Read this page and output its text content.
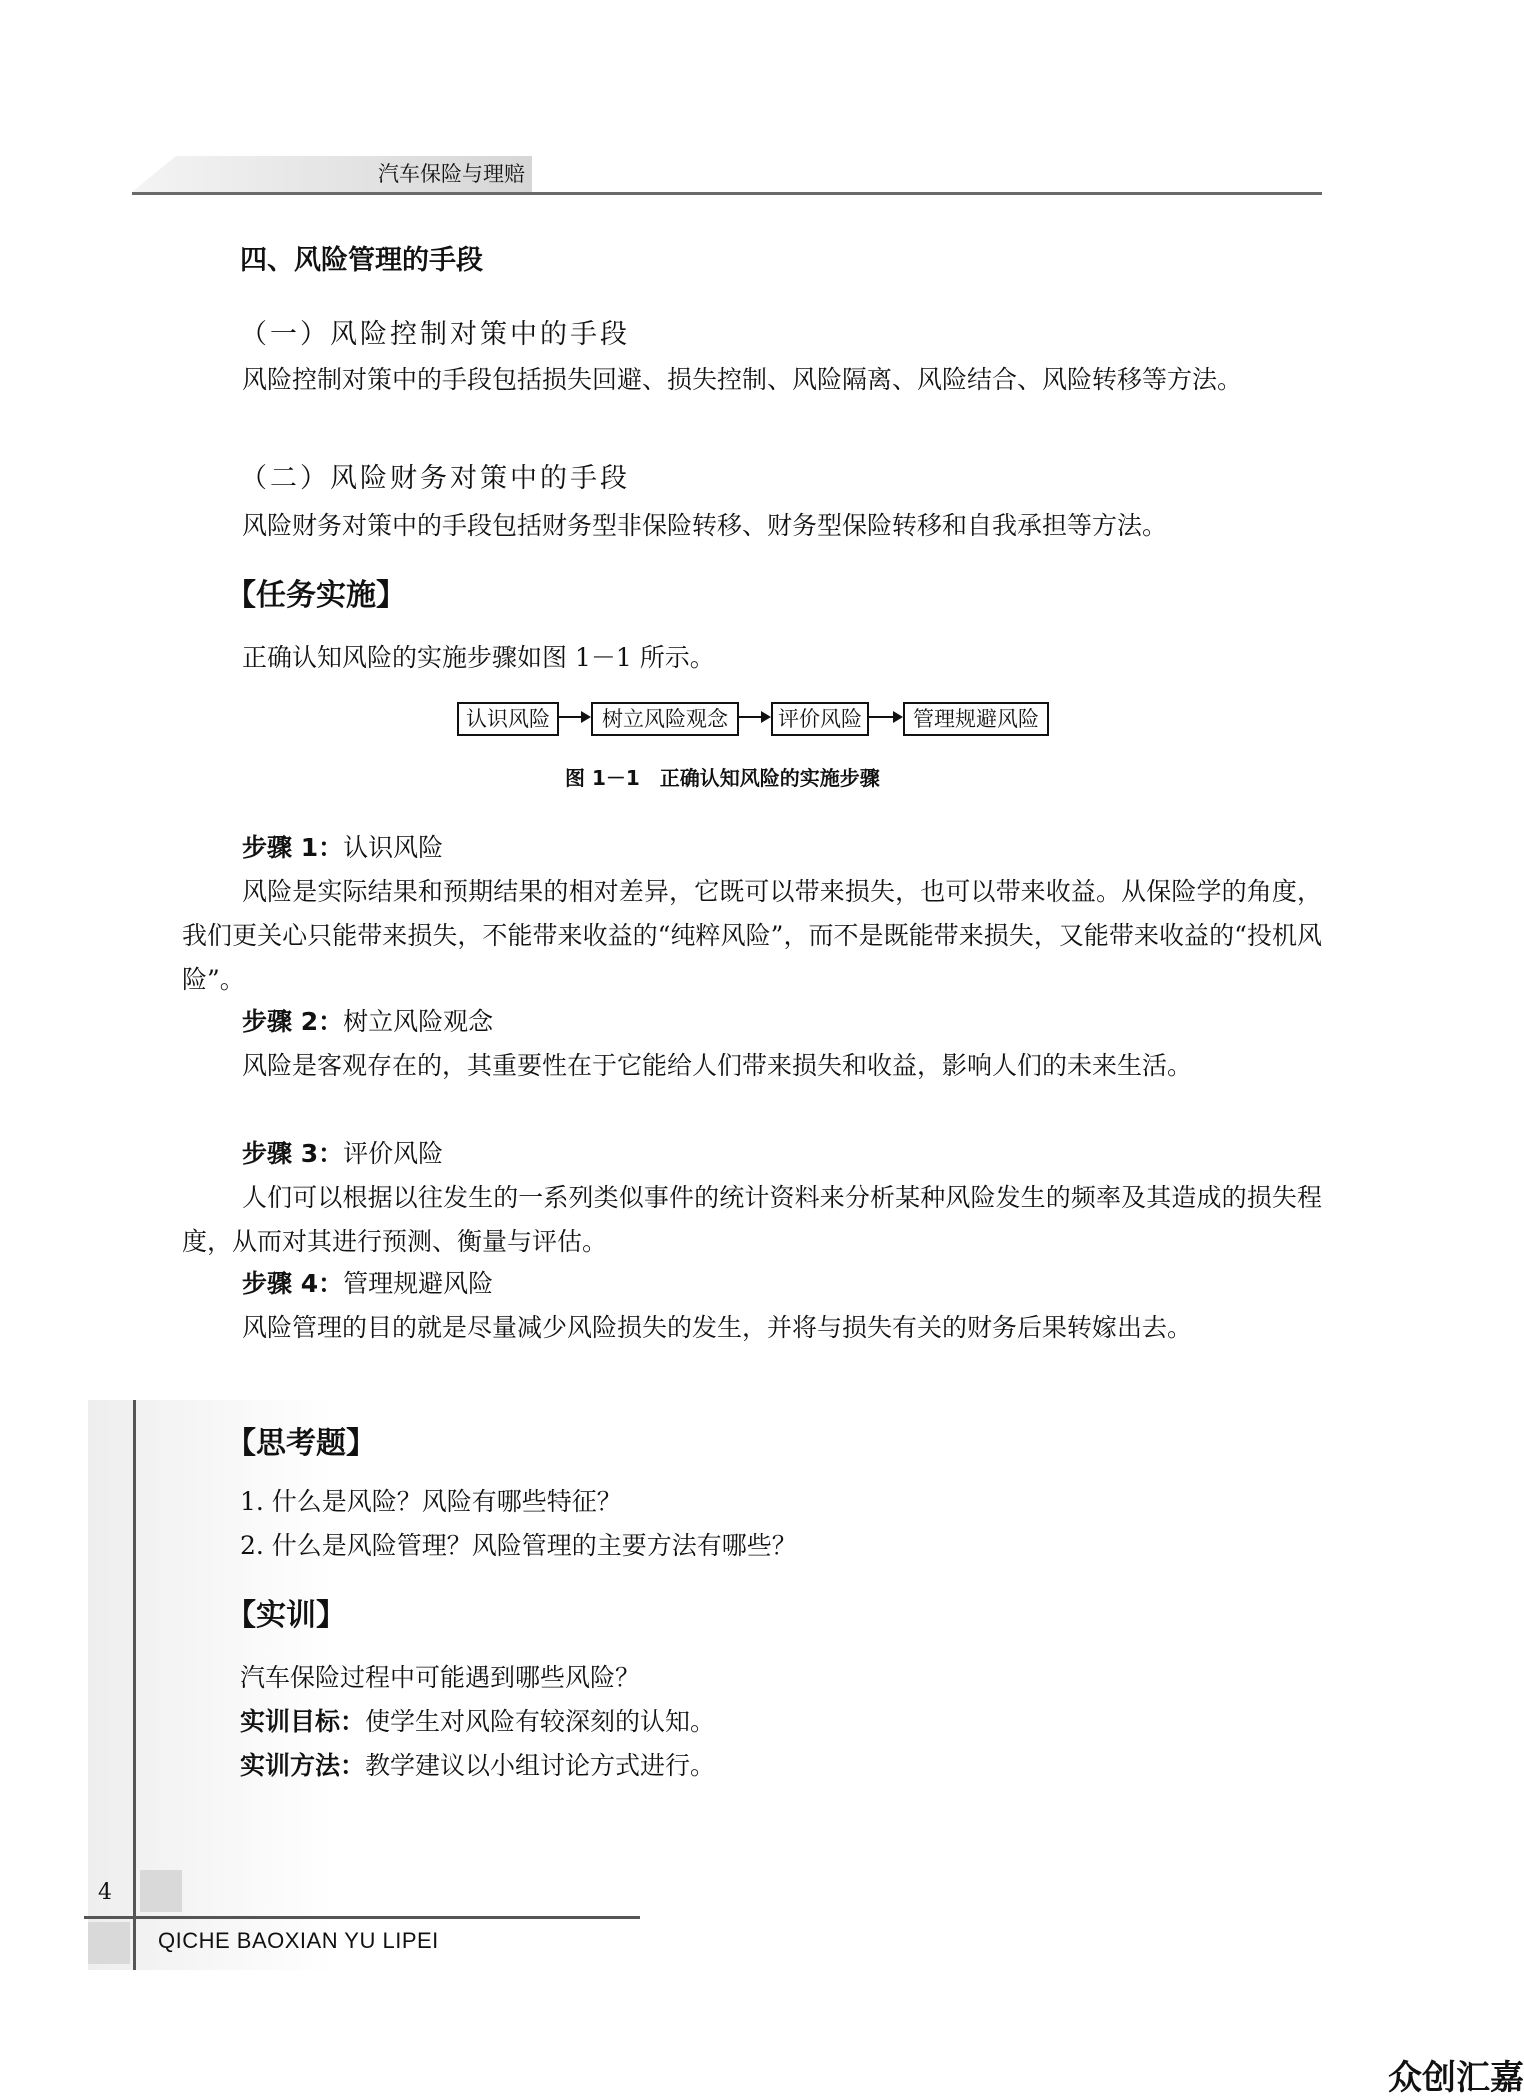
汽车保险与理赔
四、风险管理的手段
（一）风险控制对策中的手段
风险控制对策中的手段包括损失回避、损失控制、风险隔离、风险结合、风险转移等方法。
（二）风险财务对策中的手段
风险财务对策中的手段包括财务型非保险转移、财务型保险转移和自我承担等方法。
【任务实施】
正确认知风险的实施步骤如图 1－1 所示。
认识风险	树立风险观念	评价风险	管理规避风险
图 1－1　正确认知风险的实施步骤
步骤 1：认识风险
风险是实际结果和预期结果的相对差异，它既可以带来损失，也可以带来收益。从保险学的角度，我们更关心只能带来损失，不能带来收益的“纯粹风险”，而不是既能带来损失，又能带来收益的“投机风险”。
步骤 2：树立风险观念
风险是客观存在的，其重要性在于它能给人们带来损失和收益，影响人们的未来生活。
步骤 3：评价风险
人们可以根据以往发生的一系列类似事件的统计资料来分析某种风险发生的频率及其造成的损失程度，从而对其进行预测、衡量与评估。
步骤 4：管理规避风险
风险管理的目的就是尽量减少风险损失的发生，并将与损失有关的财务后果转嫁出去。
【思考题】
1. 什么是风险？风险有哪些特征？
2. 什么是风险管理？风险管理的主要方法有哪些？
【实训】
汽车保险过程中可能遇到哪些风险？
实训目标：使学生对风险有较深刻的认知。
实训方法：教学建议以小组讨论方式进行。
4
QICHE BAOXIAN YU LIPEI
众创汇嘉
